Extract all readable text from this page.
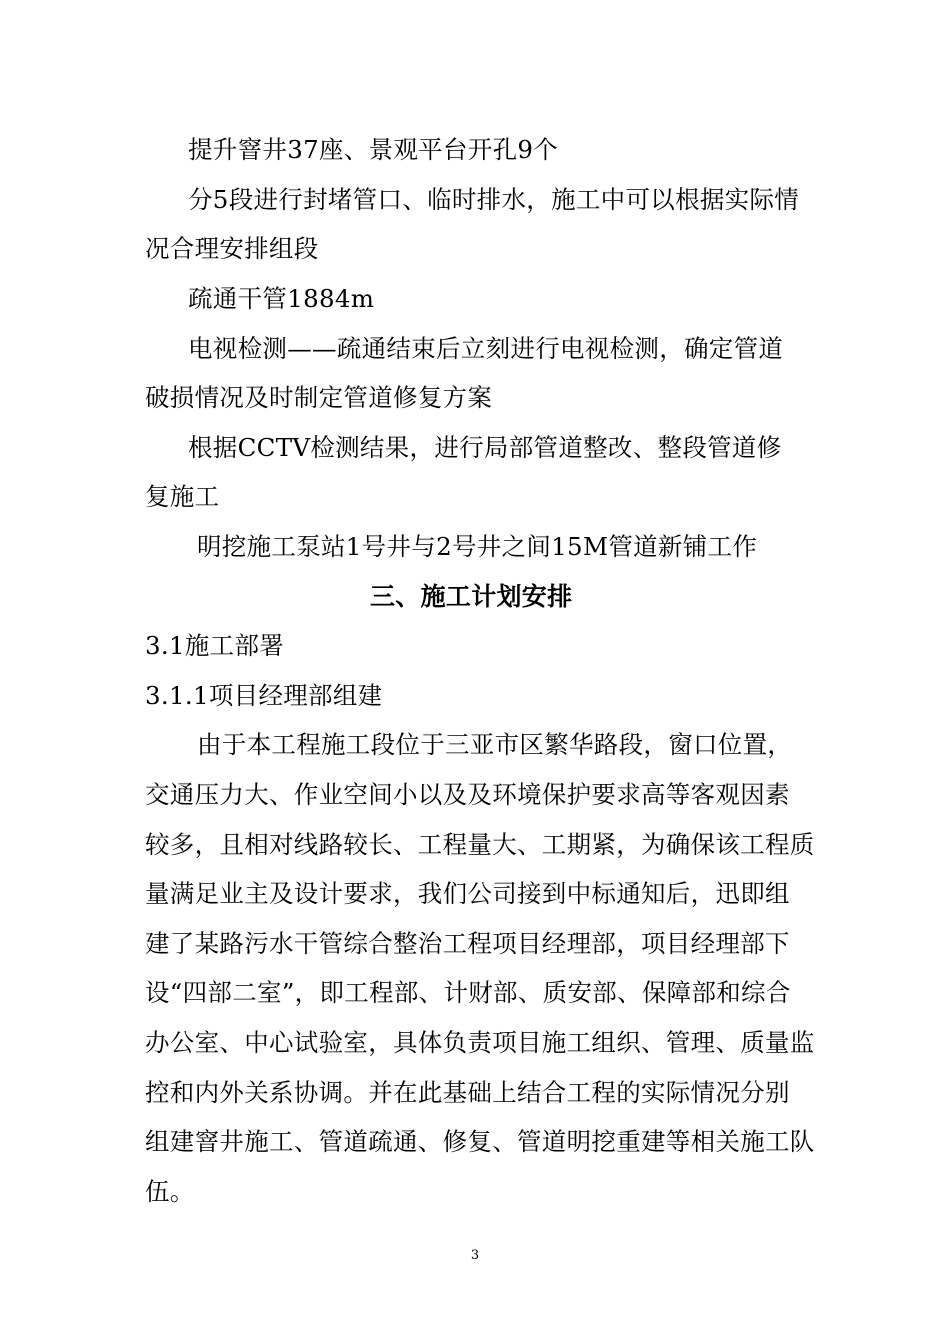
提升窨井37座、景观平台开孔9个
分5段进行封堵管口、临时排水，施工中可以根据实际情
况合理安排组段
疏通干管1884m
电视检测——疏通结束后立刻进行电视检测，确定管道
破损情况及时制定管道修复方案
根据CCTV检测结果，进行局部管道整改、整段管道修
复施工
明挖施工泵站1号井与2号井之间15M管道新铺工作
三、施工计划安排
3.1施工部署
3.1.1项目经理部组建
由于本工程施工段位于三亚市区繁华路段，窗口位置，
交通压力大、作业空间小以及及环境保护要求高等客观因素
较多，且相对线路较长、工程量大、工期紧，为确保该工程质
量满足业主及设计要求，我们公司接到中标通知后，迅即组
建了某路污水干管综合整治工程项目经理部，项目经理部下
设“四部二室”，即工程部、计财部、质安部、保障部和综合
办公室、中心试验室，具体负责项目施工组织、管理、质量监
控和内外关系协调。并在此基础上结合工程的实际情况分别
组建窨井施工、管道疏通、修复、管道明挖重建等相关施工队
伍。
3
